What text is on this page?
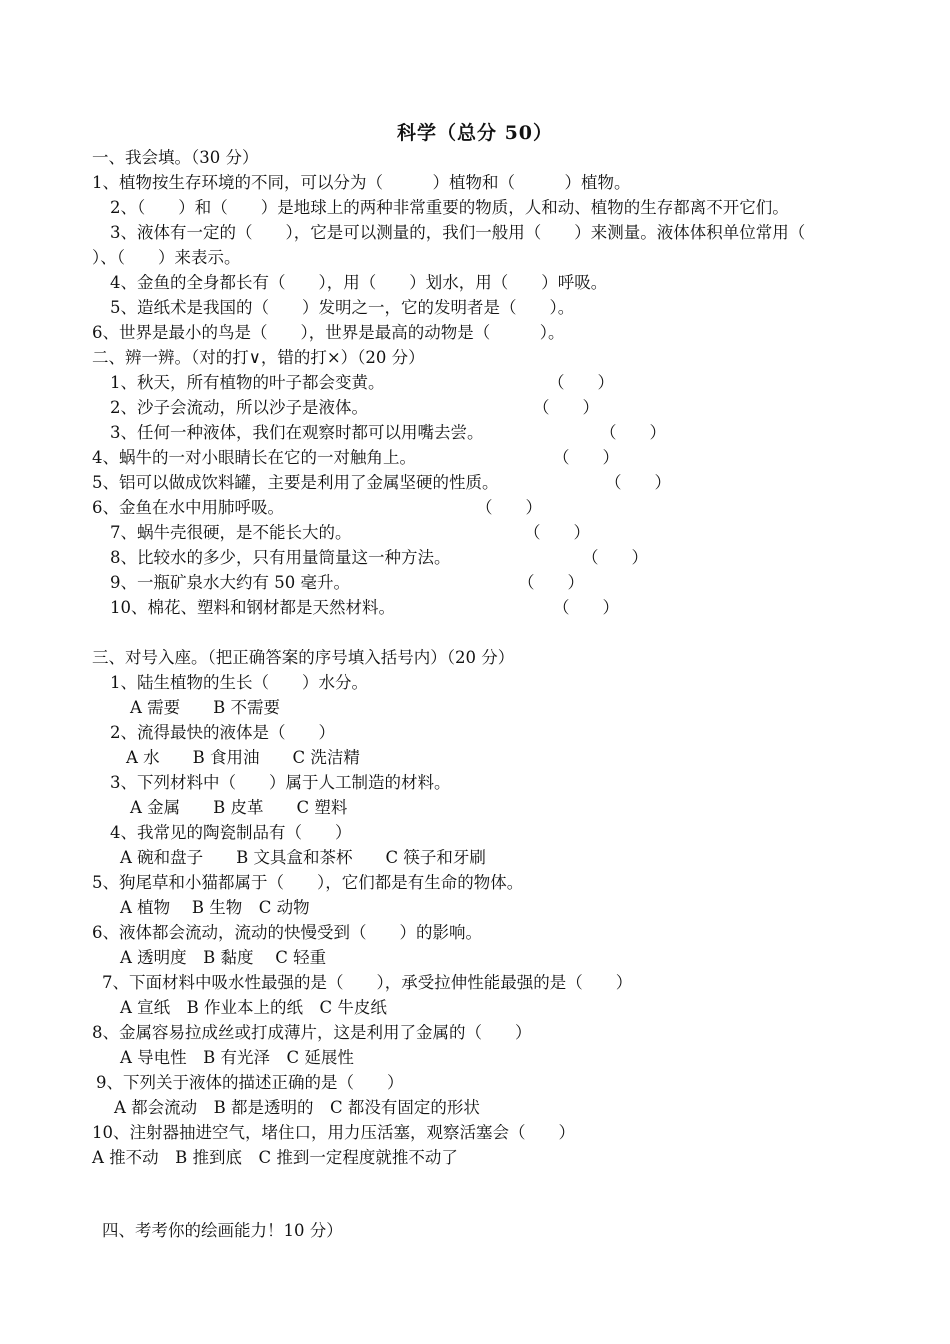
科学（总分 50）
一、我会填。（30 分）
1、植物按生存环境的不同，可以分为（　　　）植物和（　　　）植物。
2、（　　）和（　　）是地球上的两种非常重要的物质，人和动、植物的生存都离不开它们。
3、液体有一定的（　　），它是可以测量的，我们一般用（　　）来测量。液体体积单位常用（
）、（　　）来表示。
4、金鱼的全身都长有（　　），用（　　）划水，用（　　）呼吸。
5、造纸术是我国的（　　）发明之一，它的发明者是（　　）。
6、世界是最小的鸟是（　　），世界是最高的动物是（　　　）。
二、辨一辨。（对的打∨，错的打×）（20 分）
1、秋天，所有植物的叶子都会变黄。	（　　）
2、沙子会流动，所以沙子是液体。	（　　）
3、任何一种液体，我们在观察时都可以用嘴去尝。	（　　）
4、蜗牛的一对小眼睛长在它的一对触角上。	（　　）
5、铝可以做成饮料罐，主要是利用了金属坚硬的性质。	（　　）
6、金鱼在水中用肺呼吸。	（　　）
7、蜗牛壳很硬，是不能长大的。	（　　）
8、比较水的多少，只有用量筒量这一种方法。	（　　）
9、一瓶矿泉水大约有 50 毫升。	（　　）
10、棉花、塑料和钢材都是天然材料。	（　　）
三、对号入座。（把正确答案的序号填入括号内）（20 分）
1、陆生植物的生长（　　）水分。
A 需要　　B 不需要
2、流得最快的液体是（　　）
A 水　　B 食用油　　C 洗洁精
3、下列材料中（　　）属于人工制造的材料。
A 金属　　B 皮革　　C 塑料
4、我常见的陶瓷制品有（　　）
A 碗和盘子　　B 文具盒和茶杯　　C 筷子和牙刷
5、狗尾草和小猫都属于（　　），它们都是有生命的物体。
A 植物　 B 生物　C 动物
6、液体都会流动，流动的快慢受到（　　）的影响。
A 透明度　B 黏度　 C 轻重
7、下面材料中吸水性最强的是（　　），承受拉伸性能最强的是（　　）
A 宣纸　B 作业本上的纸　C 牛皮纸
8、金属容易拉成丝或打成薄片，这是利用了金属的（　　）
A 导电性　B 有光泽　C 延展性
9、下列关于液体的描述正确的是（　　）
A 都会流动　B 都是透明的　C 都没有固定的形状
10、注射器抽进空气，堵住口，用力压活塞，观察活塞会（　　）
A 推不动　B 推到底　C 推到一定程度就推不动了
四、考考你的绘画能力！10 分）
